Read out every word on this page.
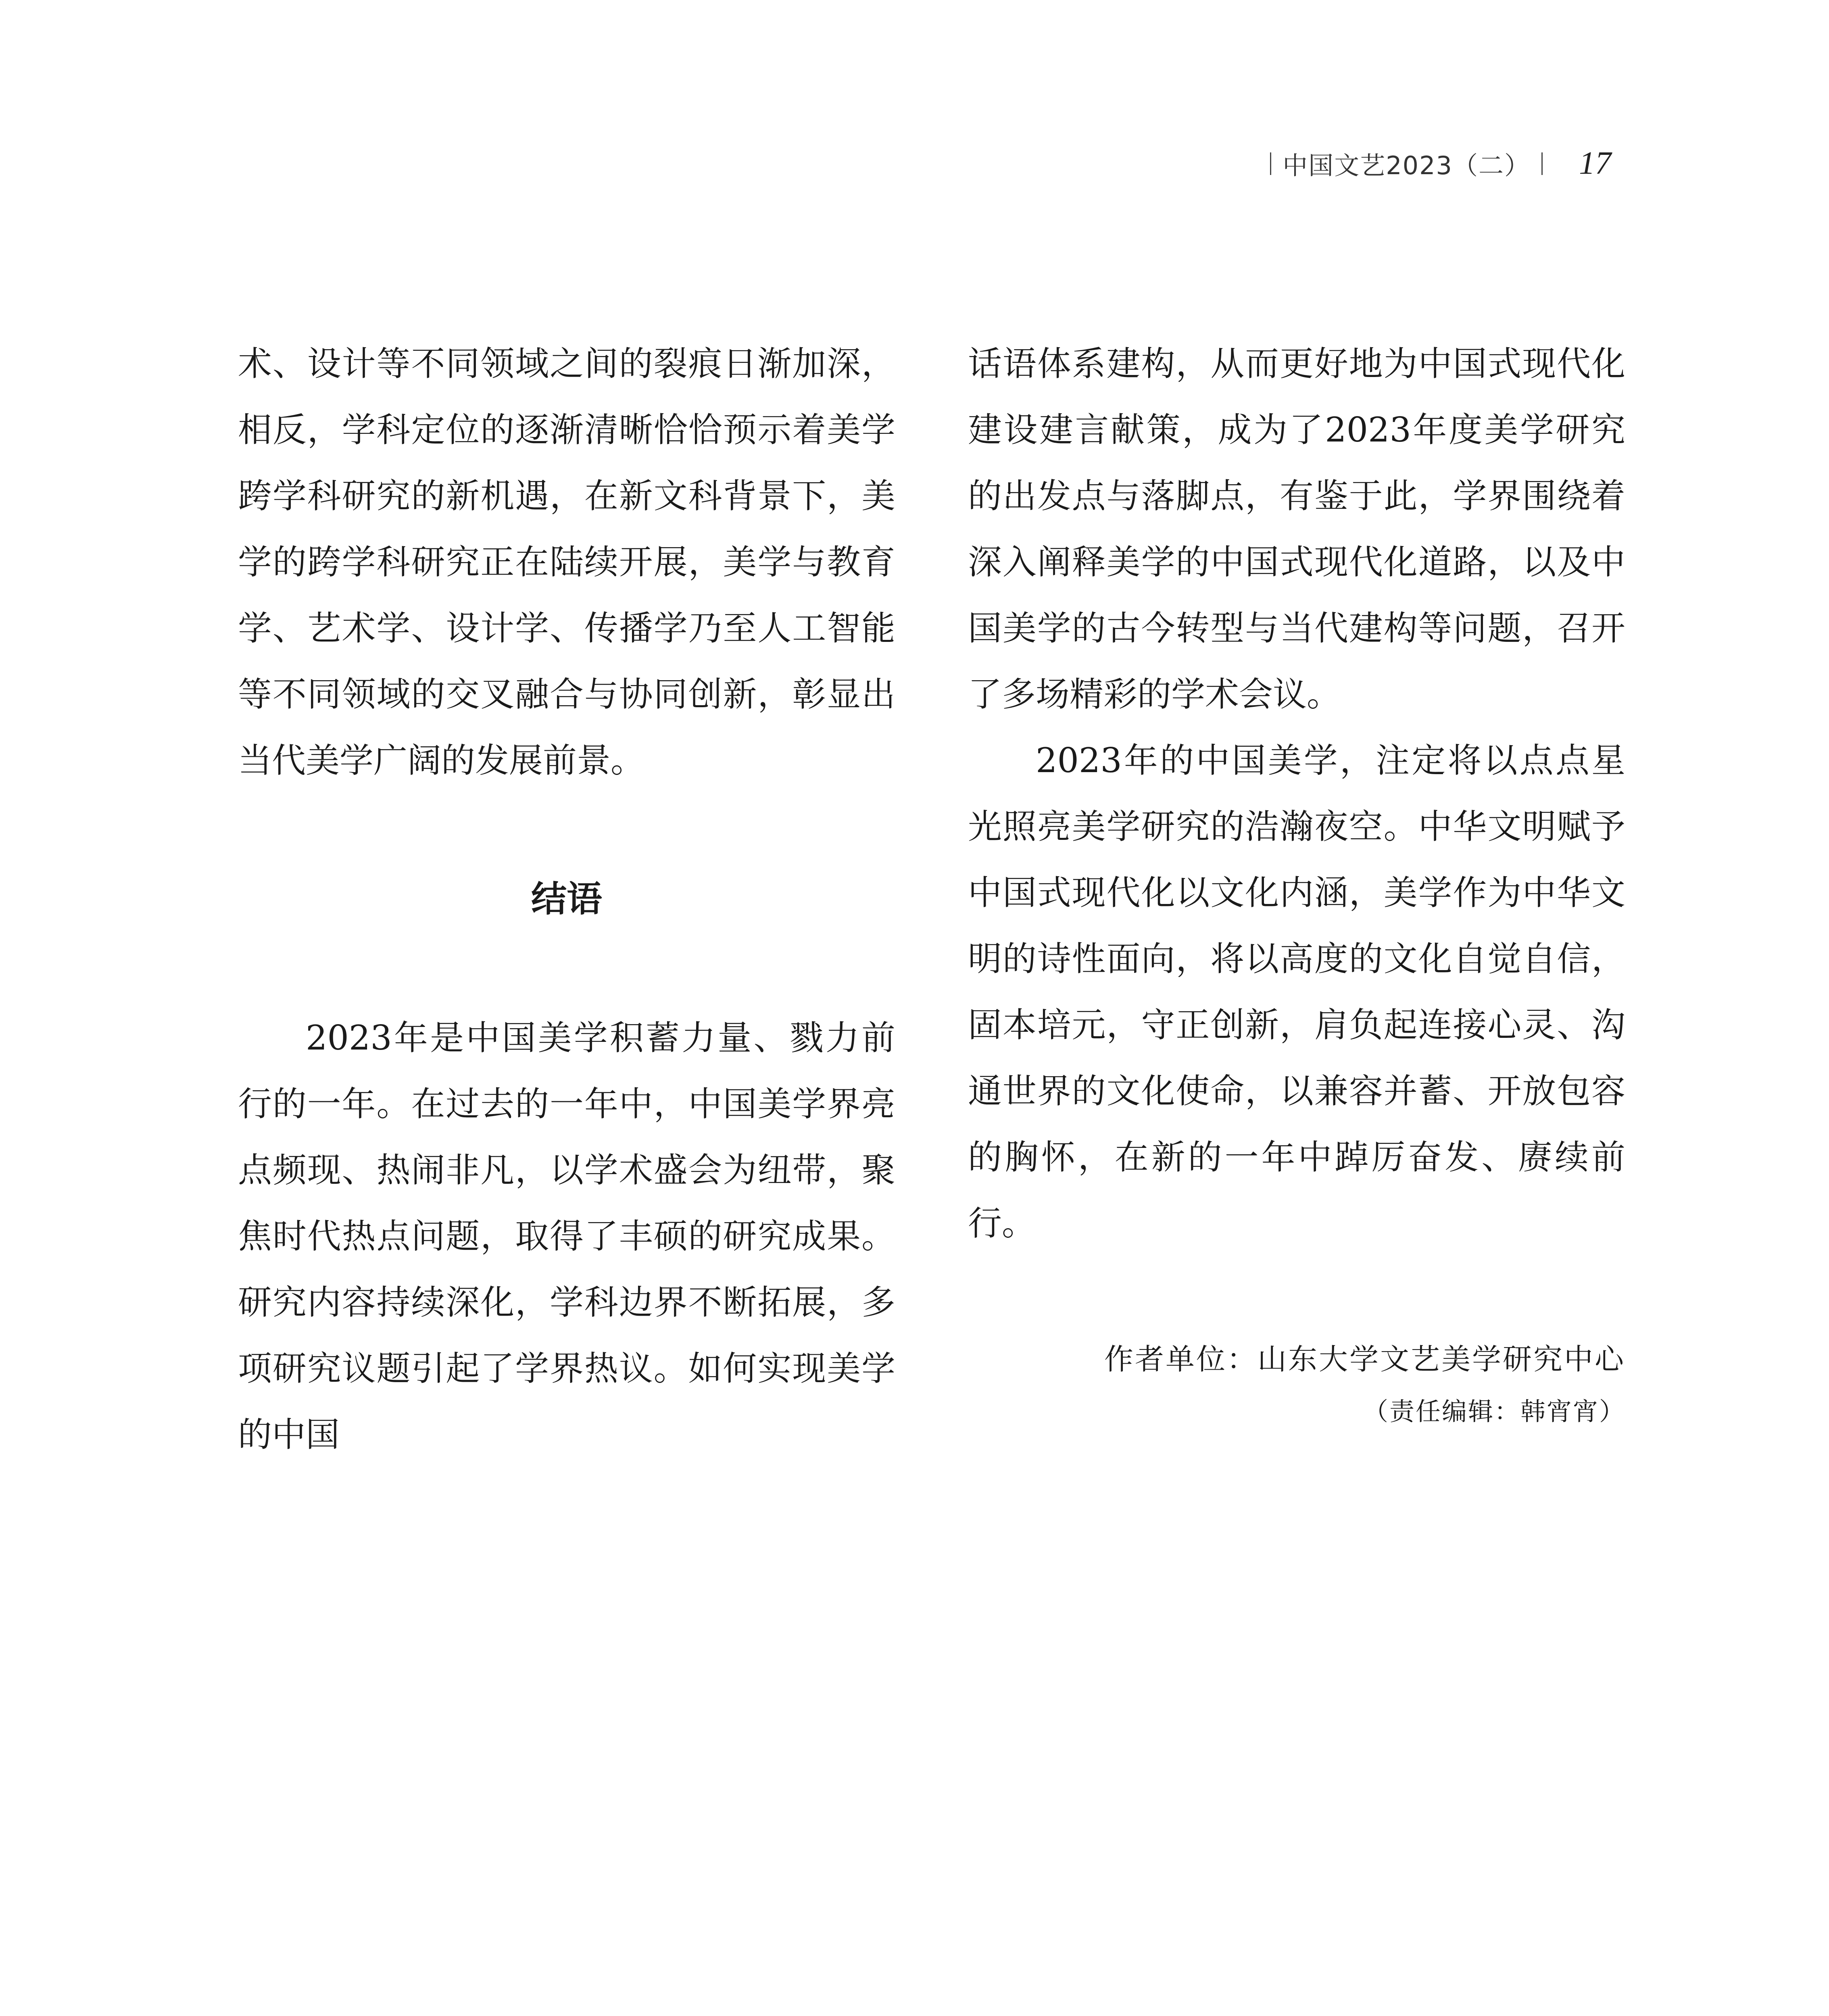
中国文艺2023（二） 17

术、设计等不同领域之间的裂痕日渐加深，相反，学科定位的逐渐清晰恰恰预示着美学跨学科研究的新机遇，在新文科背景下，美学的跨学科研究正在陆续开展，美学与教育学、艺术学、设计学、传播学乃至人工智能等不同领域的交叉融合与协同创新，彰显出当代美学广阔的发展前景。

结语

2023年是中国美学积蓄力量、戮力前行的一年。在过去的一年中，中国美学界亮点频现、热闹非凡，以学术盛会为纽带，聚焦时代热点问题，取得了丰硕的研究成果。研究内容持续深化，学科边界不断拓展，多项研究议题引起了学界热议。如何实现美学的中国

话语体系建构，从而更好地为中国式现代化建设建言献策，成为了2023年度美学研究的出发点与落脚点，有鉴于此，学界围绕着深入阐释美学的中国式现代化道路，以及中国美学的古今转型与当代建构等问题，召开了多场精彩的学术会议。

2023年的中国美学，注定将以点点星光照亮美学研究的浩瀚夜空。中华文明赋予中国式现代化以文化内涵，美学作为中华文明的诗性面向，将以高度的文化自觉自信，固本培元，守正创新，肩负起连接心灵、沟通世界的文化使命，以兼容并蓄、开放包容的胸怀，在新的一年中踔厉奋发、赓续前行。

作者单位：山东大学文艺美学研究中心
（责任编辑：韩宵宵）
